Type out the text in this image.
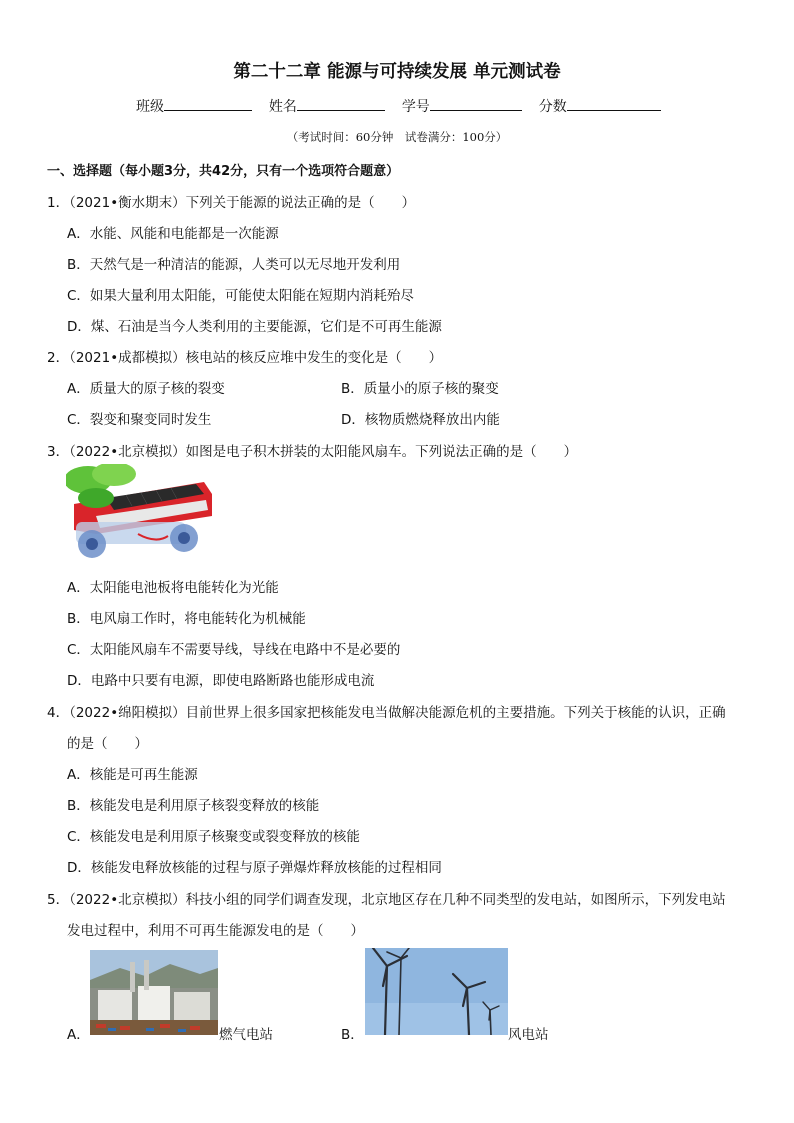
第二十二章 能源与可持续发展 单元测试卷
班级	姓名	学号	分数
（考试时间：60分钟　试卷满分：100分）
一、选择题（每小题3分，共42分，只有一个选项符合题意）
1．（2021•衡水期末）下列关于能源的说法正确的是（　　）
A．水能、风能和电能都是一次能源
B．天然气是一种清洁的能源，人类可以无尽地开发利用
C．如果大量利用太阳能，可能使太阳能在短期内消耗殆尽
D．煤、石油是当今人类利用的主要能源，它们是不可再生能源
2．（2021•成都模拟）核电站的核反应堆中发生的变化是（　　）
A．质量大的原子核的裂变	B．质量小的原子核的聚变
C．裂变和聚变同时发生	D．核物质燃烧释放出内能
3．（2022•北京模拟）如图是电子积木拼装的太阳能风扇车。下列说法正确的是（　　）
A．太阳能电池板将电能转化为光能
B．电风扇工作时，将电能转化为机械能
C．太阳能风扇车不需要导线，导线在电路中不是必要的
D．电路中只要有电源，即使电路断路也能形成电流
4．（2022•绵阳模拟）目前世界上很多国家把核能发电当做解决能源危机的主要措施。下列关于核能的认识，正确
的是（　　）
A．核能是可再生能源
B．核能发电是利用原子核裂变释放的核能
C．核能发电是利用原子核聚变或裂变释放的核能
D．核能发电释放核能的过程与原子弹爆炸释放核能的过程相同
5．（2022•北京模拟）科技小组的同学们调查发现，北京地区存在几种不同类型的发电站，如图所示，下列发电站
发电过程中，利用不可再生能源发电的是（　　）
A．	燃气电站	B．	风电站
